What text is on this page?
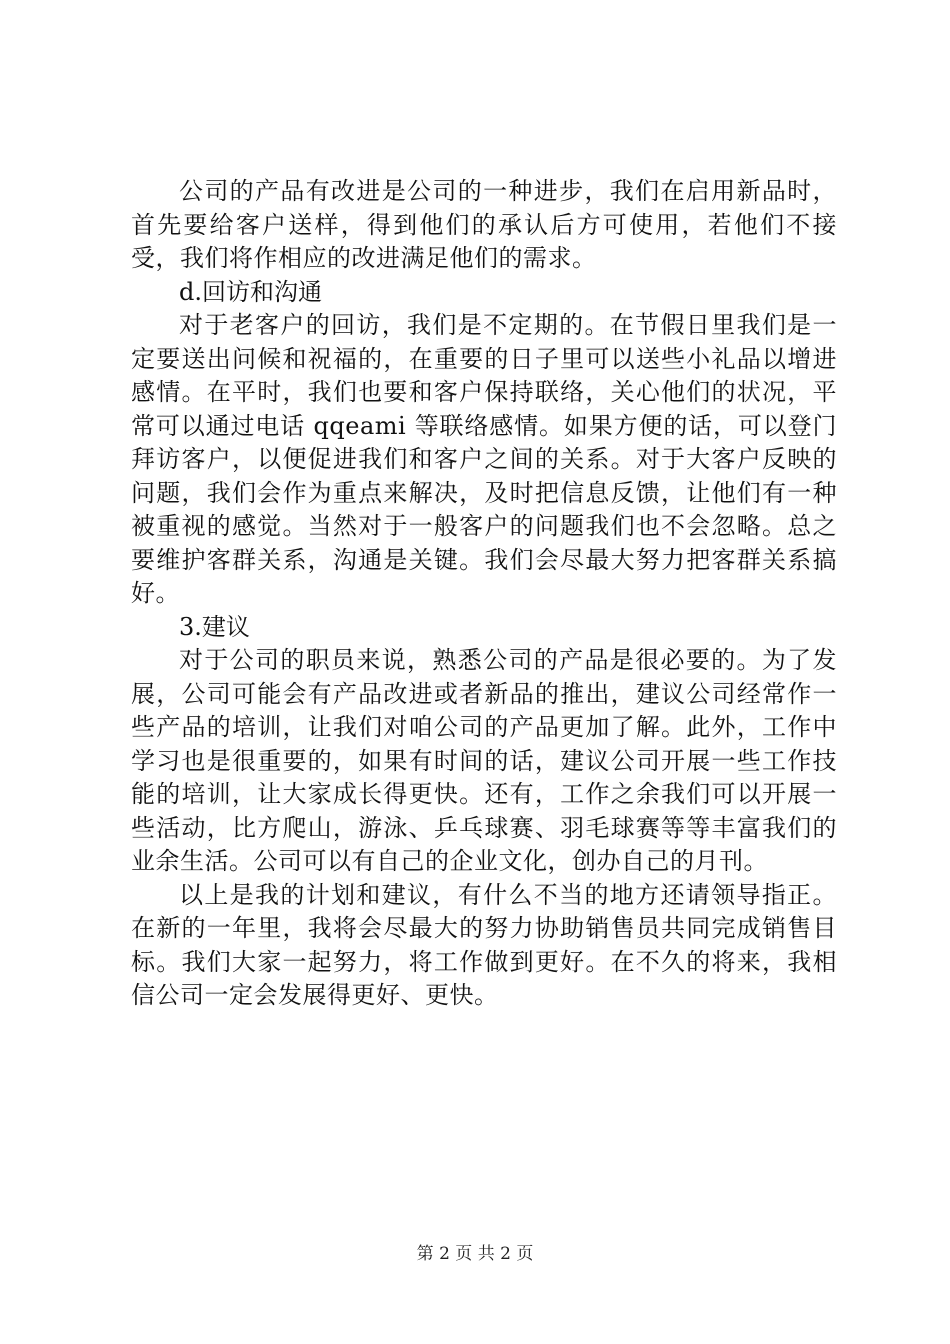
公司的产品有改进是公司的一种进步，我们在启用新品时，首先要给客户送样，得到他们的承认后方可使用，若他们不接受，我们将作相应的改进满足他们的需求。

d.回访和沟通

对于老客户的回访，我们是不定期的。在节假日里我们是一定要送出问候和祝福的，在重要的日子里可以送些小礼品以增进感情。在平时，我们也要和客户保持联络，关心他们的状况，平常可以通过电话 qqeami 等联络感情。如果方便的话，可以登门拜访客户，以便促进我们和客户之间的关系。对于大客户反映的问题，我们会作为重点来解决，及时把信息反馈，让他们有一种被重视的感觉。当然对于一般客户的问题我们也不会忽略。总之要维护客群关系，沟通是关键。我们会尽最大努力把客群关系搞好。

3.建议

对于公司的职员来说，熟悉公司的产品是很必要的。为了发展，公司可能会有产品改进或者新品的推出，建议公司经常作一些产品的培训，让我们对咱公司的产品更加了解。此外，工作中学习也是很重要的，如果有时间的话，建议公司开展一些工作技能的培训，让大家成长得更快。还有，工作之余我们可以开展一些活动，比方爬山，游泳、乒乓球赛、羽毛球赛等等丰富我们的业余生活。公司可以有自己的企业文化，创办自己的月刊。

以上是我的计划和建议，有什么不当的地方还请领导指正。在新的一年里，我将会尽最大的努力协助销售员共同完成销售目标。我们大家一起努力，将工作做到更好。在不久的将来，我相信公司一定会发展得更好、更快。

第 2 页 共 2 页
